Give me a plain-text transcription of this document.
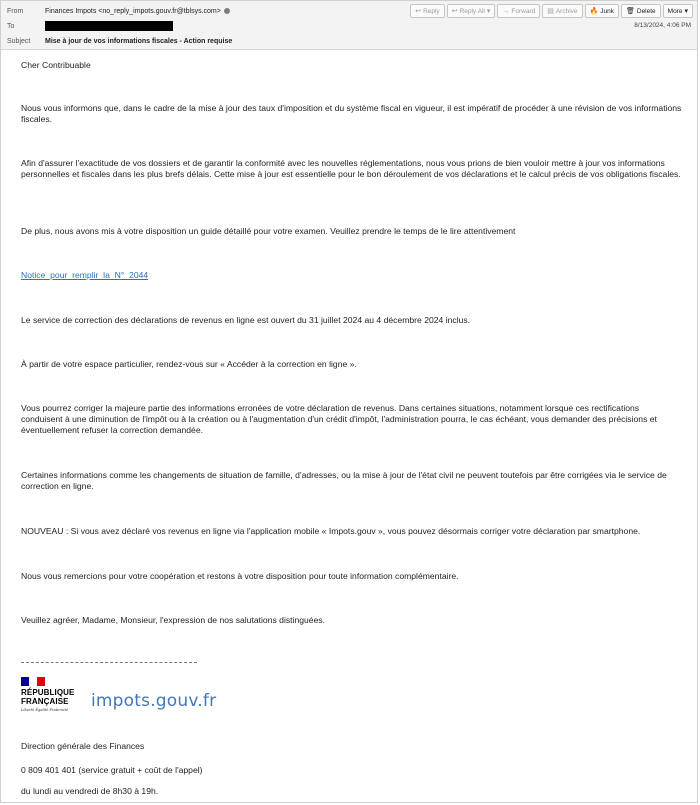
From	Finances Impots <no_reply_impots.gouv.fr@tblsys.com>
To
Subject	Mise à jour de vos informations fiscales - Action requise
↩ Reply ↩ Reply All ▾ → Forward ▤ Archive 🔥 Junk 🗑 Delete More ▾
8/13/2024, 4:06 PM

Cher Contribuable

Nous vous informons que, dans le cadre de la mise à jour des taux d'imposition et du système fiscal en vigueur, il est impératif de procéder à une révision de vos informations fiscales.

Afin d'assurer l'exactitude de vos dossiers et de garantir la conformité avec les nouvelles réglementations, nous vous prions de bien vouloir mettre à jour vos informations personnelles et fiscales dans les plus brefs délais. Cette mise à jour est essentielle pour le bon déroulement de vos déclarations et le calcul précis de vos obligations fiscales.

De plus, nous avons mis à votre disposition un guide détaillé pour votre examen. Veuillez prendre le temps de le lire attentivement

Notice_pour_remplir_la_N°_2044

Le service de correction des déclarations de revenus en ligne est ouvert du 31 juillet 2024 au 4 décembre 2024 inclus.

À partir de votre espace particulier, rendez-vous sur « Accéder à la correction en ligne ».

Vous pourrez corriger la majeure partie des informations erronées de votre déclaration de revenus. Dans certaines situations, notamment lorsque ces rectifications conduisent à une diminution de l'impôt ou à la création ou à l'augmentation d'un crédit d'impôt, l'administration pourra, le cas échéant, vous demander des précisions et éventuellement refuser la correction demandée.

Certaines informations comme les changements de situation de famille, d'adresses, ou la mise à jour de l'état civil ne peuvent toutefois par être corrigées via le service de correction en ligne.

NOUVEAU : Si vous avez déclaré vos revenus en ligne via l'application mobile « Impots.gouv », vous pouvez désormais corriger votre déclaration par smartphone.

Nous vous remercions pour votre coopération et restons à votre disposition pour toute information complémentaire.

Veuillez agréer, Madame, Monsieur, l'expression de nos salutations distinguées.

RÉPUBLIQUE
FRANÇAISE
Liberté Égalité Fraternité	impots.gouv.fr

Direction générale des Finances

0 809 401 401 (service gratuit + coût de l'appel)

du lundi au vendredi de 8h30 à 19h.
